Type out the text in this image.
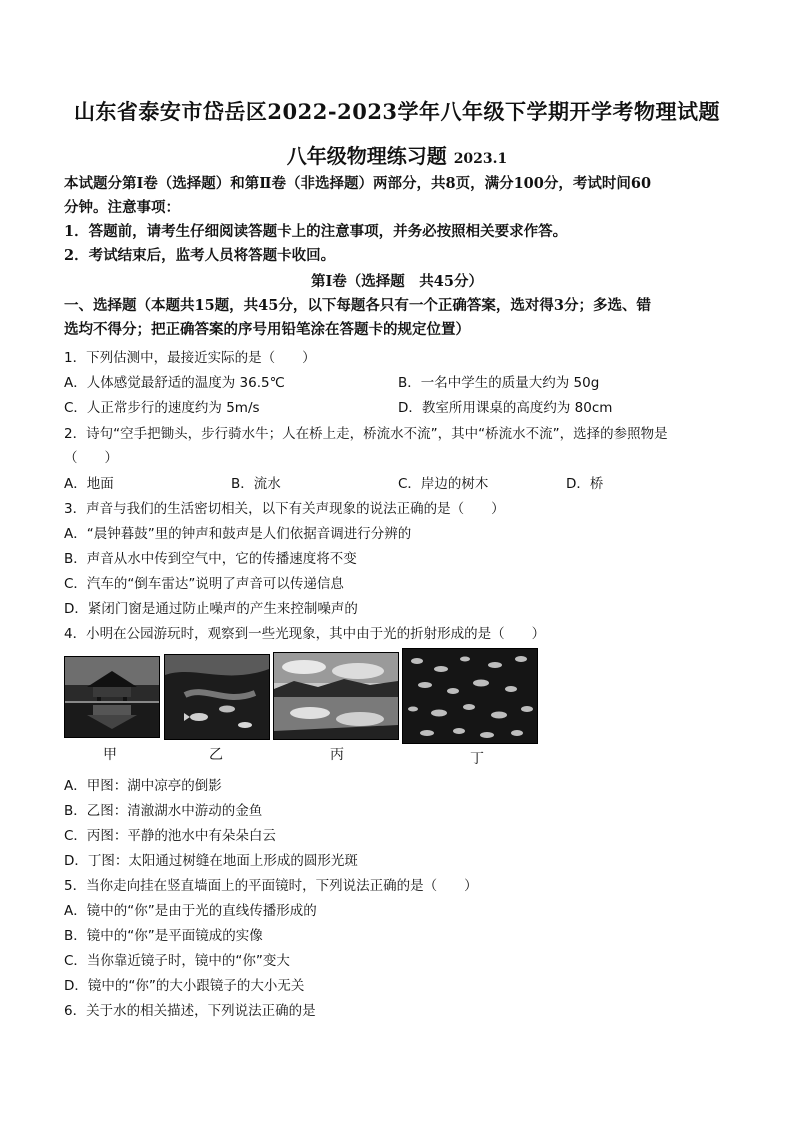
山东省泰安市岱岳区2022-2023学年八年级下学期开学考物理试题
八年级物理练习题 2023.1
本试题分第Ⅰ卷（选择题）和第Ⅱ卷（非选择题）两部分，共8页，满分100分，考试时间60
分钟。注意事项：
1．答题前，请考生仔细阅读答题卡上的注意事项，并务必按照相关要求作答。
2．考试结束后，监考人员将答题卡收回。
第Ⅰ卷（选择题　共45分）
一、选择题（本题共15题，共45分，以下每题各只有一个正确答案，选对得3分；多选、错
选均不得分；把正确答案的序号用铅笔涂在答题卡的规定位置）
1．下列估测中，最接近实际的是（　　）
A．人体感觉最舒适的温度为 36.5℃	B．一名中学生的质量大约为 50g
C．人正常步行的速度约为 5m/s	D．教室所用课桌的高度约为 80cm
2．诗句“空手把锄头，步行骑水牛；人在桥上走，桥流水不流”，其中“桥流水不流”，选择的参照物是
（　　）
A．地面	B．流水	C．岸边的树木	D．桥
3．声音与我们的生活密切相关，以下有关声现象的说法正确的是（　　）
A．“晨钟暮鼓”里的钟声和鼓声是人们依据音调进行分辨的
B．声音从水中传到空气中，它的传播速度将不变
C．汽车的“倒车雷达”说明了声音可以传递信息
D．紧闭门窗是通过防止噪声的产生来控制噪声的
4．小明在公园游玩时，观察到一些光现象，其中由于光的折射形成的是（　　）
甲	乙	丙	丁
A．甲图：湖中凉亭的倒影
B．乙图：清澈湖水中游动的金鱼
C．丙图：平静的池水中有朵朵白云
D．丁图：太阳通过树缝在地面上形成的圆形光斑
5．当你走向挂在竖直墙面上的平面镜时，下列说法正确的是（　　）
A．镜中的“你”是由于光的直线传播形成的
B．镜中的“你”是平面镜成的实像
C．当你靠近镜子时，镜中的“你”变大
D．镜中的“你”的大小跟镜子的大小无关
6．关于水的相关描述，下列说法正确的是
